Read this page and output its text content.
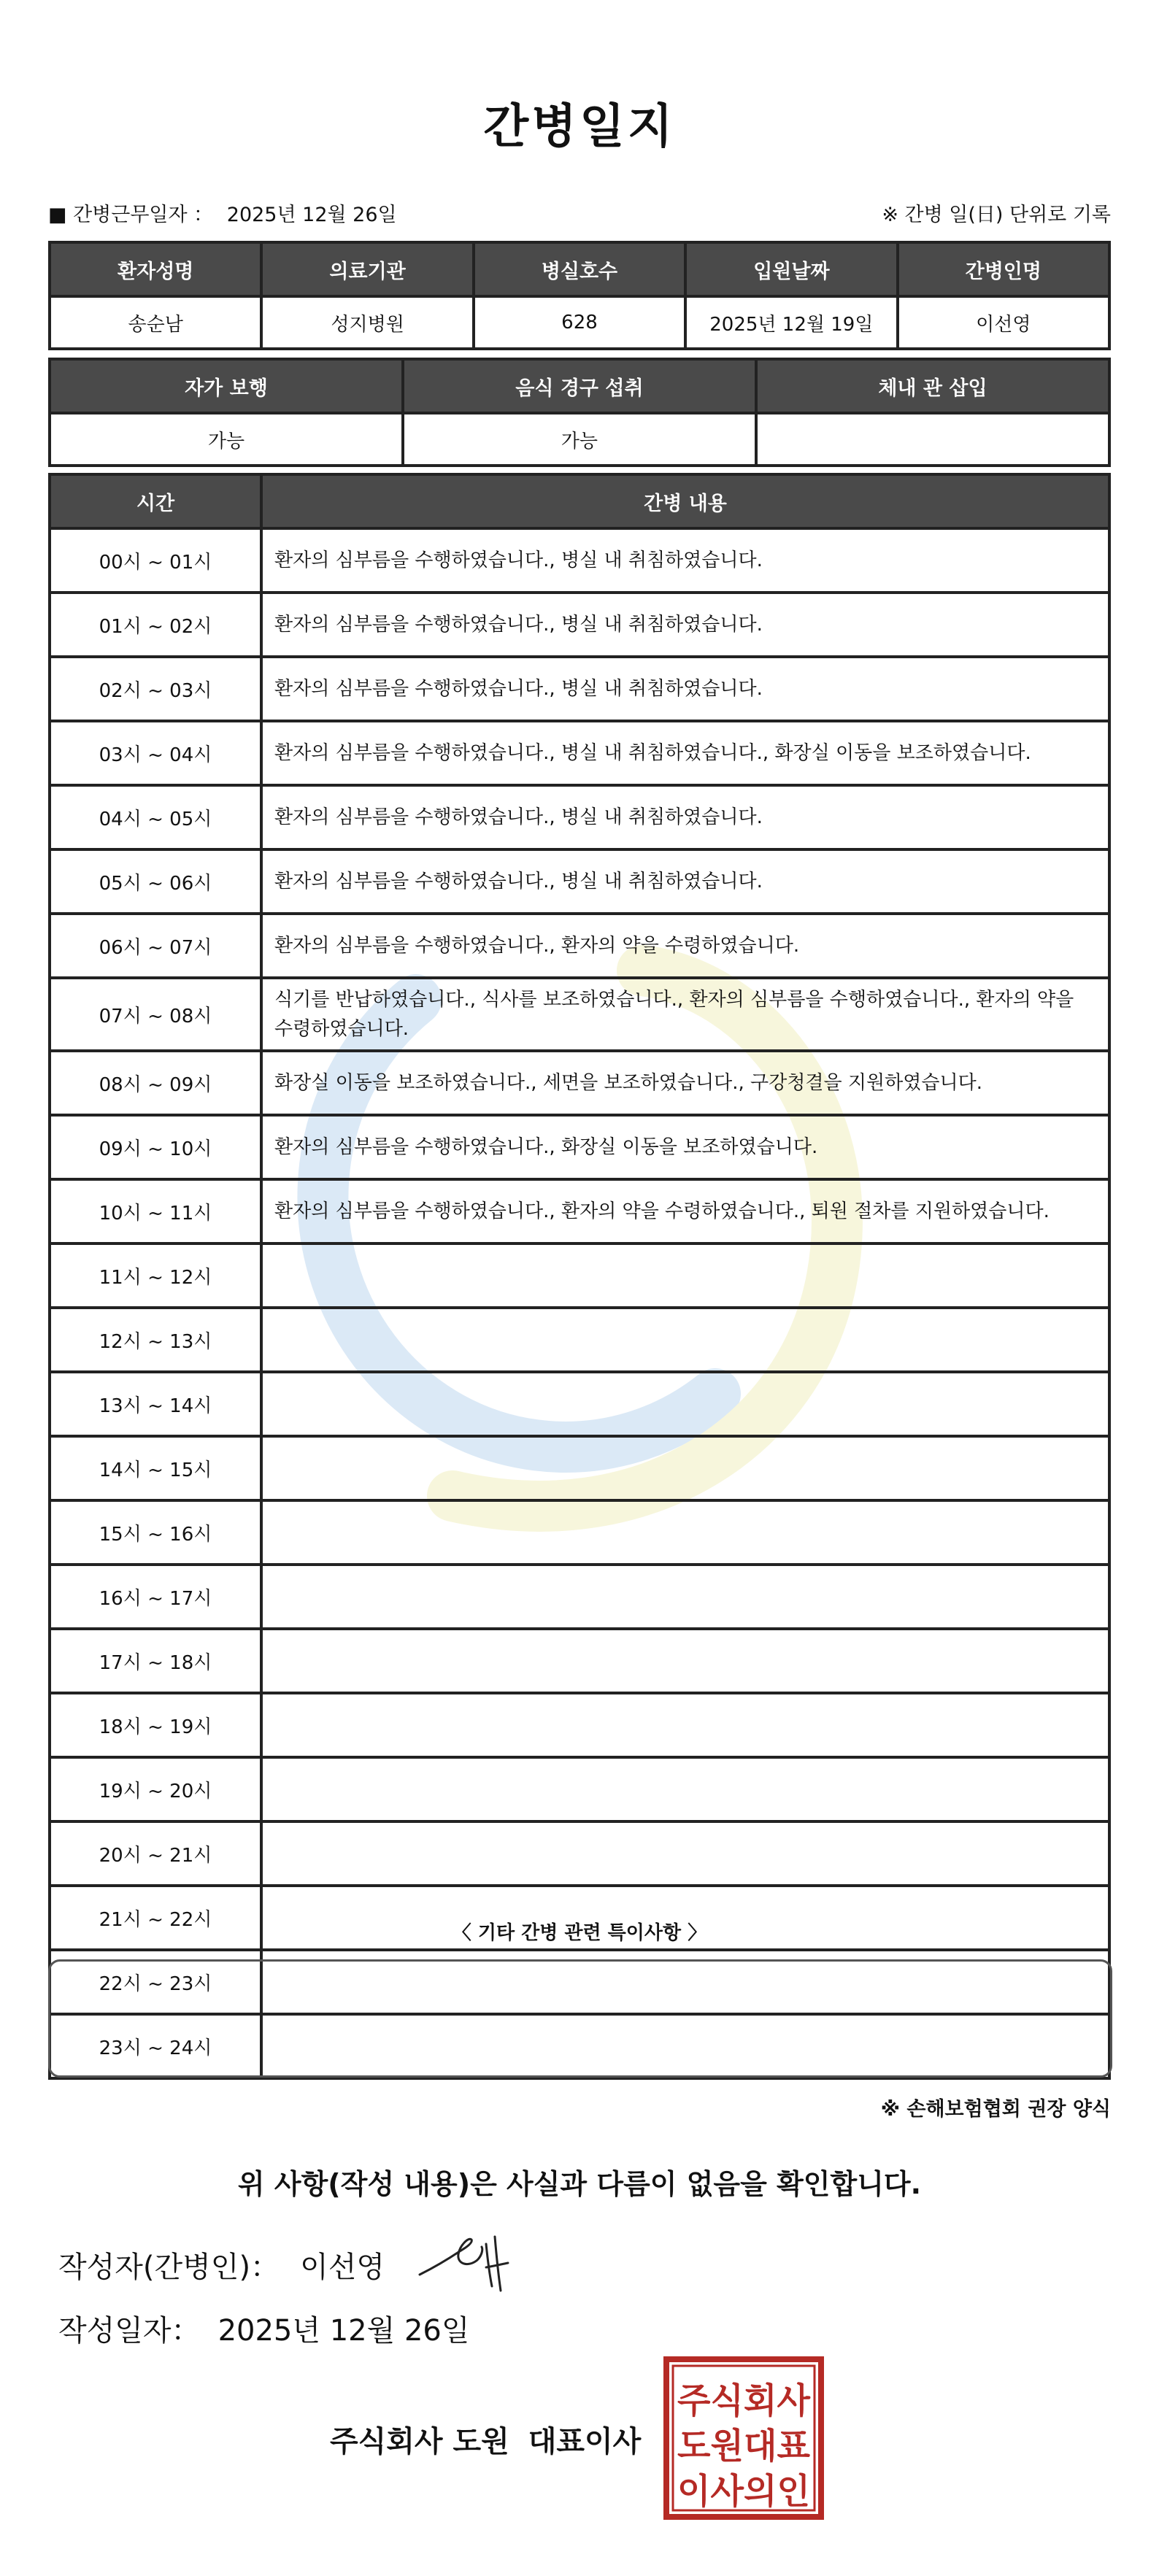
간병일지
■ 간병근무일자 ： 2025년 12월 26일	※ 간병 일(日) 단위로 기록
환자성명	의료기관	병실호수	입원날짜	간병인명
송순남	성지병원	628	2025년 12월 19일	이선영
자가 보행	음식 경구 섭취	체내 관 삽입
가능	가능	
시간	간병 내용
00시 ~ 01시	환자의 심부름을 수행하였습니다., 병실 내 취침하였습니다.
01시 ~ 02시	환자의 심부름을 수행하였습니다., 병실 내 취침하였습니다.
02시 ~ 03시	환자의 심부름을 수행하였습니다., 병실 내 취침하였습니다.
03시 ~ 04시	환자의 심부름을 수행하였습니다., 병실 내 취침하였습니다., 화장실 이동을 보조하였습니다.
04시 ~ 05시	환자의 심부름을 수행하였습니다., 병실 내 취침하였습니다.
05시 ~ 06시	환자의 심부름을 수행하였습니다., 병실 내 취침하였습니다.
06시 ~ 07시	환자의 심부름을 수행하였습니다., 환자의 약을 수령하였습니다.
07시 ~ 08시	식기를 반납하였습니다., 식사를 보조하였습니다., 환자의 심부름을 수행하였습니다., 환자의 약을 수령하였습니다.
08시 ~ 09시	화장실 이동을 보조하였습니다., 세면을 보조하였습니다., 구강청결을 지원하였습니다.
09시 ~ 10시	환자의 심부름을 수행하였습니다., 화장실 이동을 보조하였습니다.
10시 ~ 11시	환자의 심부름을 수행하였습니다., 환자의 약을 수령하였습니다., 퇴원 절차를 지원하였습니다.
11시 ~ 12시	
12시 ~ 13시	
13시 ~ 14시	
14시 ~ 15시	
15시 ~ 16시	
16시 ~ 17시	
17시 ~ 18시	
18시 ~ 19시	
19시 ~ 20시	
20시 ~ 21시	
21시 ~ 22시	
22시 ~ 23시	
23시 ~ 24시	
〈 기타 간병 관련 특이사항 〉
※ 손해보험협회 권장 양식
위 사항(작성 내용)은 사실과 다름이 없음을 확인합니다.
작성자(간병인)： 이선영
작성일자： 2025년 12월 26일
주식회사 도원 대표이사
주식회사
도원대표
이사의인
